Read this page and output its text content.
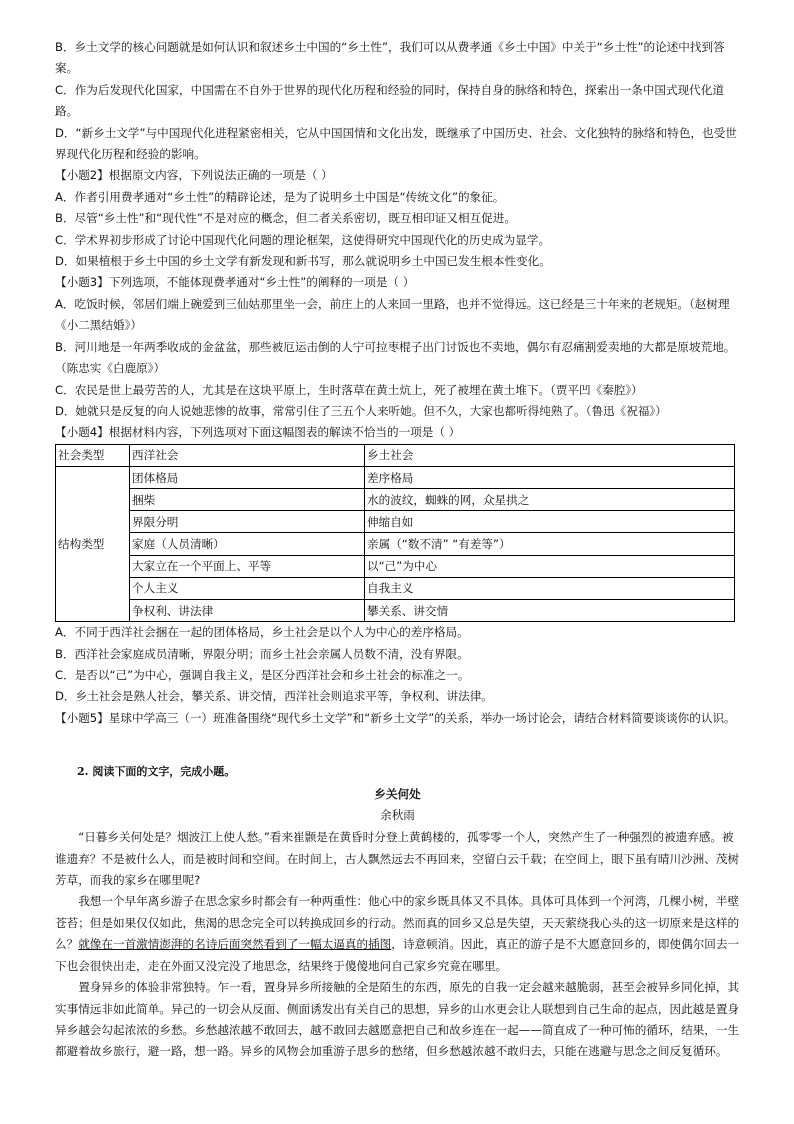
B．乡土文学的核心问题就是如何认识和叙述乡土中国的“乡土性”，我们可以从费孝通《乡土中国》中关于“乡土性”的论述中找到答案。

C．作为后发现代化国家，中国需在不自外于世界的现代化历程和经验的同时，保持自身的脉络和特色，探索出一条中国式现代化道路。

D．“新乡土文学”与中国现代化进程紧密相关，它从中国国情和文化出发，既继承了中国历史、社会、文化独特的脉络和特色，也受世界现代化历程和经验的影响。

【小题2】根据原文内容，下列说法正确的一项是（ ）

A．作者引用费孝通对“乡土性”的精辟论述，是为了说明乡土中国是“传统文化”的象征。

B．尽管“乡土性”和“现代性”不是对应的概念，但二者关系密切，既互相印证又相互促进。

C．学术界初步形成了讨论中国现代化问题的理论框架，这使得研究中国现代化的历史成为显学。

D．如果植根于乡土中国的乡土文学有新发现和新书写，那么就说明乡土中国已发生根本性变化。

【小题3】下列选项，不能体现费孝通对“乡土性”的阐释的一项是（ ）

A．吃饭时候，邻居们端上碗爱到三仙姑那里坐一会，前庄上的人来回一里路，也并不觉得远。这已经是三十年来的老规矩。（赵树理《小二黑结婚》）

B．河川地是一年两季收成的金盆盆，那些被厄运击倒的人宁可拉枣棍子出门讨饭也不卖地，偶尔有忍痛割爱卖地的大都是原坡荒地。（陈忠实《白鹿原》）

C．农民是世上最劳苦的人，尤其是在这块平原上，生时落草在黄土炕上，死了被埋在黄土堆下。（贾平凹《秦腔》）

D．她就只是反复的向人说她悲惨的故事，常常引住了三五个人来听她。但不久，大家也都听得纯熟了。（鲁迅《祝福》）

【小题4】根据材料内容，下列选项对下面这幅图表的解读不恰当的一项是（ ）

社会类型	西洋社会	乡土社会
结构类型	团体格局	差序格局
	捆柴	水的波纹，蜘蛛的网，众星拱之
	界限分明	伸缩自如
	家庭（人员清晰）	亲属（“数不清” “有差等”）
	大家立在一个平面上、平等	以“己”为中心
	个人主义	自我主义
	争权利、讲法律	攀关系、讲交情

A．不同于西洋社会捆在一起的团体格局，乡土社会是以个人为中心的差序格局。

B．西洋社会家庭成员清晰，界限分明；而乡土社会亲属人员数不清，没有界限。

C．是否以“己”为中心，强调自我主义，是区分西洋社会和乡土社会的标准之一。

D．乡土社会是熟人社会，攀关系、讲交情，西洋社会则追求平等，争权利、讲法律。

【小题5】星球中学高三（一）班准备围绕“现代乡土文学”和“新乡土文学”的关系，举办一场讨论会，请结合材料简要谈谈你的认识。

2. 阅读下面的文字，完成小题。

乡关何处

余秋雨

“日暮乡关何处是？烟波江上使人愁。”看来崔颢是在黄昏时分登上黄鹤楼的，孤零零一个人，突然产生了一种强烈的被遗弃感。被谁遗弃？不是被什么人，而是被时间和空间。在时间上，古人飘然远去不再回来，空留白云千载；在空间上，眼下虽有晴川沙洲、茂树芳草，而我的家乡在哪里呢?

我想一个早年离乡游子在思念家乡时都会有一种两重性：他心中的家乡既具体又不具体。具体可具体到一个河湾，几棵小树，半壁苍苔；但是如果仅仅如此，焦渴的思念完全可以转换成回乡的行动。然而真的回乡又总是失望，天天萦绕我心头的这一切原来是这样的么？就像在一首激情澎湃的名诗后面突然看到了一幅太逼真的插图，诗意顿消。因此，真正的游子是不大愿意回乡的，即使偶尔回去一下也会很快出走，走在外面又没完没了地思念，结果终于傻傻地问自己家乡究竟在哪里。

置身异乡的体验非常独特。乍一看，置身异乡所接触的全是陌生的东西，原先的自我一定会越来越脆弱，甚至会被异乡同化掉，其实事情远非如此简单。异己的一切会从反面、侧面诱发出有关自己的思想，异乡的山水更会让人联想到自己生命的起点，因此越是置身异乡越会勾起浓浓的乡愁。乡愁越浓越不敢回去，越不敢回去越愿意把自己和故乡连在一起——简直成了一种可怖的循环，结果，一生都避着故乡旅行，避一路，想一路。异乡的风物会加重游子思乡的愁绪，但乡愁越浓越不敢归去，只能在逃避与思念之间反复循环。
